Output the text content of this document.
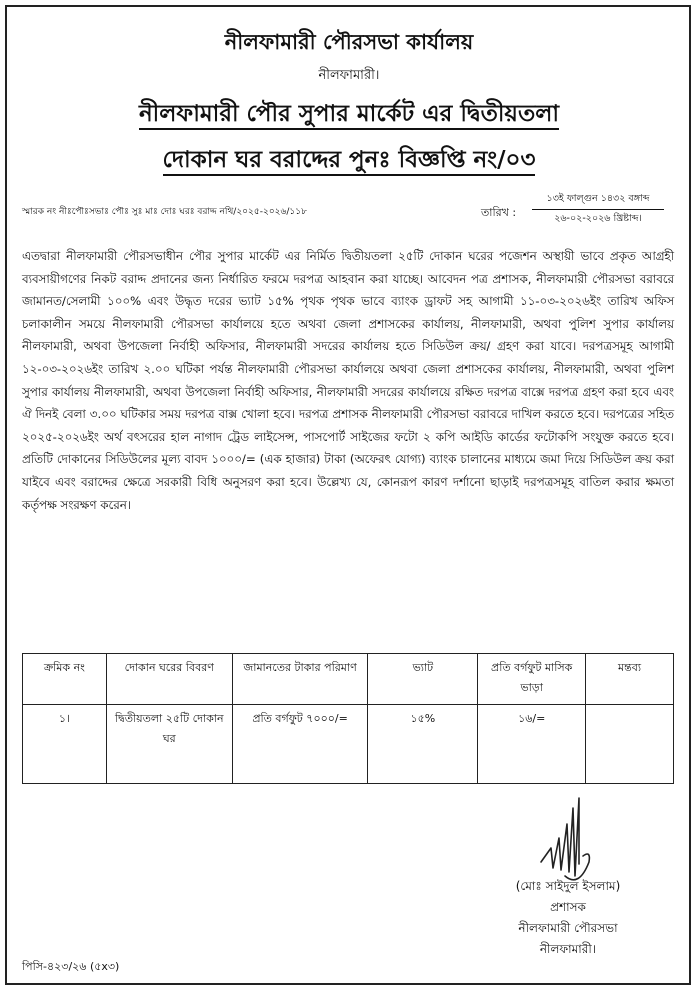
নীলফামারী পৌরসভা কার্যালয়
নীলফামারী।
নীলফামারী পৌর সুপার মার্কেট এর দ্বিতীয়তলা
দোকান ঘর বরাদ্দের পুনঃ বিজ্ঞপ্তি নং/০৩
স্মারক নং নীঃপৌঃসভাঃ পৌঃ সুঃ মাঃ দোঃ ঘরঃ বরাদ্দ নথি/২০২৫-২০২৬/১১৮	তারিখ :
১৩ই ফাল্গুন ১৪৩২ বঙ্গাব্দ
২৬-০২-২০২৬ খ্রিষ্টাব্দ।
এতদ্বারা নীলফামারী পৌরসভাধীন পৌর সুপার মার্কেট এর নির্মিত দ্বিতীয়তলা ২৫টি দোকান ঘরের পজেশন অস্থায়ী ভাবে প্রকৃত আগ্রহী ব্যবসায়ীগণের নিকট বরাদ্দ প্রদানের জন্য নির্ধারিত ফরমে দরপত্র আহবান করা যাচ্ছে। আবেদন পত্র প্রশাসক, নীলফামারী পৌরসভা বরাবরে জামানত/সেলামী ১০০% এবং উদ্ধৃত দরের ভ্যাট ১৫% পৃথক পৃথক ভাবে ব্যাংক ড্রাফট সহ আগামী ১১-০৩-২০২৬ইং তারিখ অফিস চলাকালীন সময়ে নীলফামারী পৌরসভা কার্যালয়ে হতে অথবা জেলা প্রশাসকের কার্যালয়, নীলফামারী, অথবা পুলিশ সুপার কার্যালয় নীলফামারী, অথবা উপজেলা নির্বাহী অফিসার, নীলফামারী সদরের কার্যালয় হতে সিডিউল ক্রয়/ গ্রহণ করা যাবে। দরপত্রসমূহ আগামী ১২-০৩-২০২৬ইং তারিখ ২.০০ ঘটিকা পর্যন্ত নীলফামারী পৌরসভা কার্যালয়ে অথবা জেলা প্রশাসকের কার্যালয়, নীলফামারী, অথবা পুলিশ সুপার কার্যালয় নীলফামারী, অথবা উপজেলা নির্বাহী অফিসার, নীলফামারী সদরের কার্যালয়ে রক্ষিত দরপত্র বাক্সে দরপত্র গ্রহণ করা হবে এবং ঐ দিনই বেলা ৩.০০ ঘটিকার সময় দরপত্র বাক্স খোলা হবে। দরপত্র প্রশাসক নীলফামারী পৌরসভা বরাবরে দাখিল করতে হবে। দরপত্রের সহিত ২০২৫-২০২৬ইং অর্থ বৎসরের হাল নাগাদ ট্রেড লাইসেন্স, পাসপোর্ট সাইজের ফটো ২ কপি আইডি কার্ডের ফটোকপি সংযুক্ত করতে হবে। প্রতিটি দোকানের সিডিউলের মূল্য বাবদ ১০০০/= (এক হাজার) টাকা (অফেরৎ যোগ্য) ব্যাংক চালানের মাধ্যমে জমা দিয়ে সিডিউল ক্রয় করা যাইবে এবং বরাদ্দের ক্ষেত্রে সরকারী বিধি অনুসরণ করা হবে। উল্লেখ্য যে, কোনরূপ কারণ দর্শানো ছাড়াই দরপত্রসমূহ বাতিল করার ক্ষমতা কর্তৃপক্ষ সংরক্ষণ করেন।
ক্রমিক নং	দোকান ঘরের বিবরণ	জামানতের টাকার পরিমাণ	ভ্যাট	প্রতি বর্গফুট মাসিক ভাড়া	মন্তব্য
১।	দ্বিতীয়তলা ২৫টি দোকান ঘর	প্রতি বর্গফুট ৭০০০/=	১৫%	১৬/=	
(মোঃ সাইদুল ইসলাম)
প্রশাসক
নীলফামারী পৌরসভা
নীলফামারী।
পিসি-৪২৩/২৬ (৫x৩)
